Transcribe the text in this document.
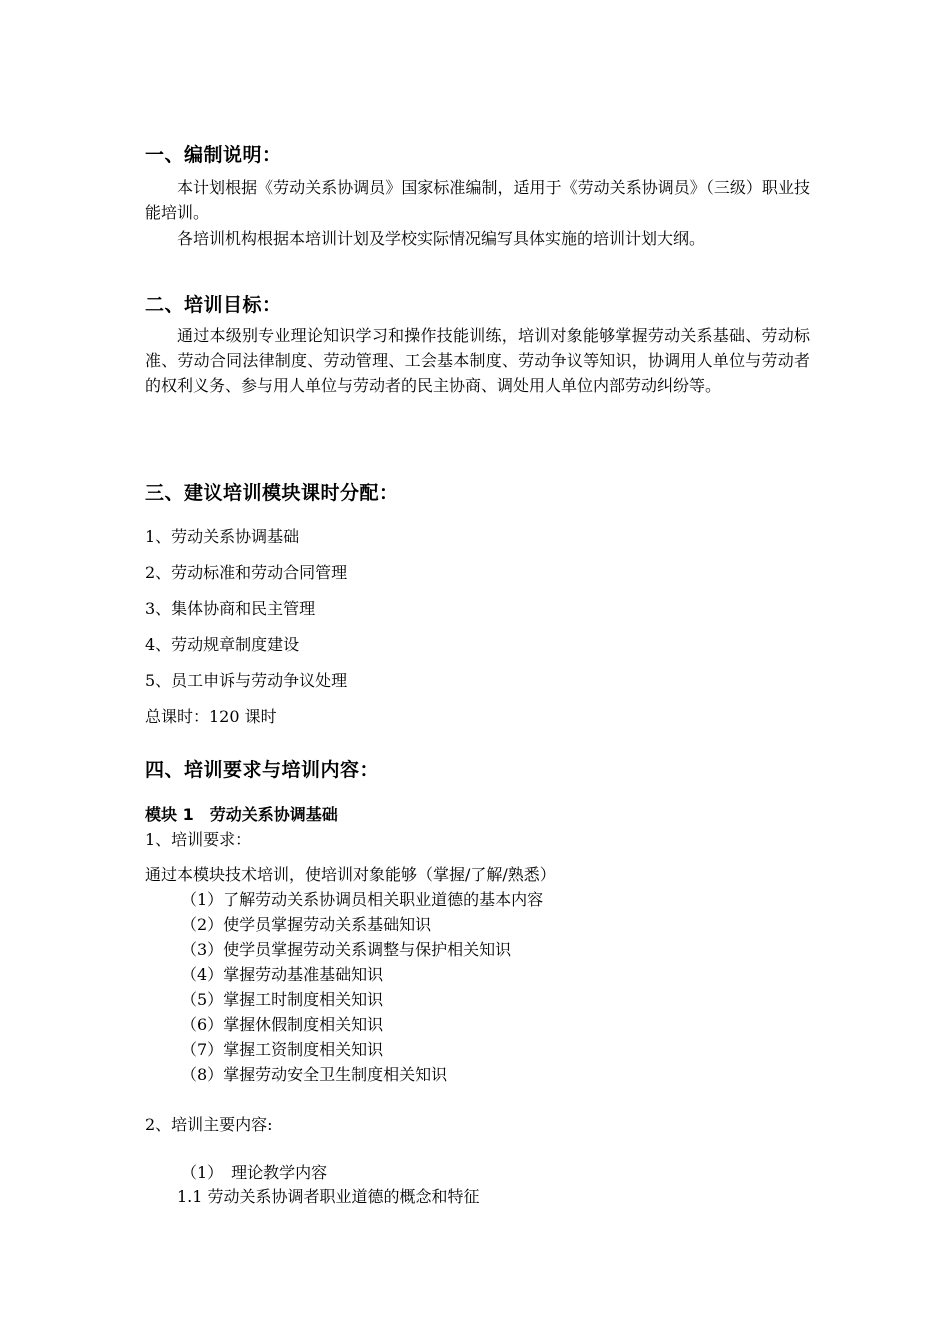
一、编制说明：
本计划根据《劳动关系协调员》国家标准编制，适用于《劳动关系协调员》（三级）职业技能培训。
各培训机构根据本培训计划及学校实际情况编写具体实施的培训计划大纲。
二、培训目标：
通过本级别专业理论知识学习和操作技能训练，培训对象能够掌握劳动关系基础、劳动标准、劳动合同法律制度、劳动管理、工会基本制度、劳动争议等知识，协调用人单位与劳动者的权利义务、参与用人单位与劳动者的民主协商、调处用人单位内部劳动纠纷等。
三、建议培训模块课时分配：
1、劳动关系协调基础
2、劳动标准和劳动合同管理
3、集体协商和民主管理
4、劳动规章制度建设
5、员工申诉与劳动争议处理
总课时：120 课时
四、培训要求与培训内容：
模块 1　劳动关系协调基础
1、培训要求：
通过本模块技术培训，使培训对象能够（掌握/了解/熟悉）
（1）了解劳动关系协调员相关职业道德的基本内容
（2）使学员掌握劳动关系基础知识
（3）使学员掌握劳动关系调整与保护相关知识
（4）掌握劳动基准基础知识
（5）掌握工时制度相关知识
（6）掌握休假制度相关知识
（7）掌握工资制度相关知识
（8）掌握劳动安全卫生制度相关知识
2、培训主要内容:
（1）　理论教学内容
1.1 劳动关系协调者职业道德的概念和特征
